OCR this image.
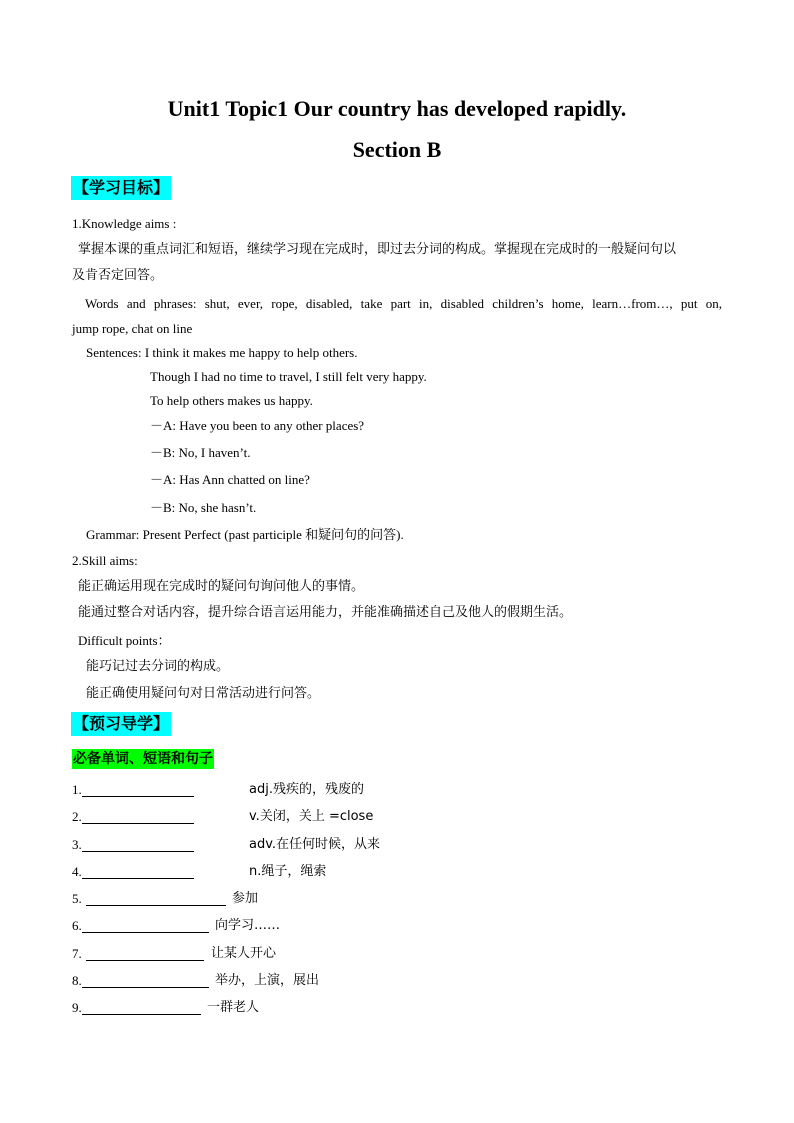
Unit1 Topic1 Our country has developed rapidly.
Section B
【学习目标】
1.Knowledge aims :
掌握本课的重点词汇和短语，继续学习现在完成时，即过去分词的构成。掌握现在完成时的一般疑问句以
及肯否定回答。
Words and phrases: shut, ever, rope, disabled, take part in, disabled children’s home, learn…from…, put on,
jump rope, chat on line
Sentences: I think it makes me happy to help others.
Though I had no time to travel, I still felt very happy.
To help others makes us happy.
－A: Have you been to any other places?
－B: No, I haven’t.
－A: Has Ann chatted on line?
－B: No, she hasn’t.
Grammar: Present Perfect (past participle 和疑问句的问答).
2.Skill aims:
能正确运用现在完成时的疑问句询问他人的事情。
能通过整合对话内容，提升综合语言运用能力，并能准确描述自己及他人的假期生活。
Difficult points：
能巧记过去分词的构成。
能正确使用疑问句对日常活动进行问答。
【预习导学】
必备单词、短语和句子
1.	adj.残疾的，残废的
2.	v.关闭，关上 =close
3.	adv.在任何时候，从来
4.	n.绳子，绳索
5.	参加
6.	向学习……
7.	让某人开心
8.	举办，上演，展出
9.	一群老人
